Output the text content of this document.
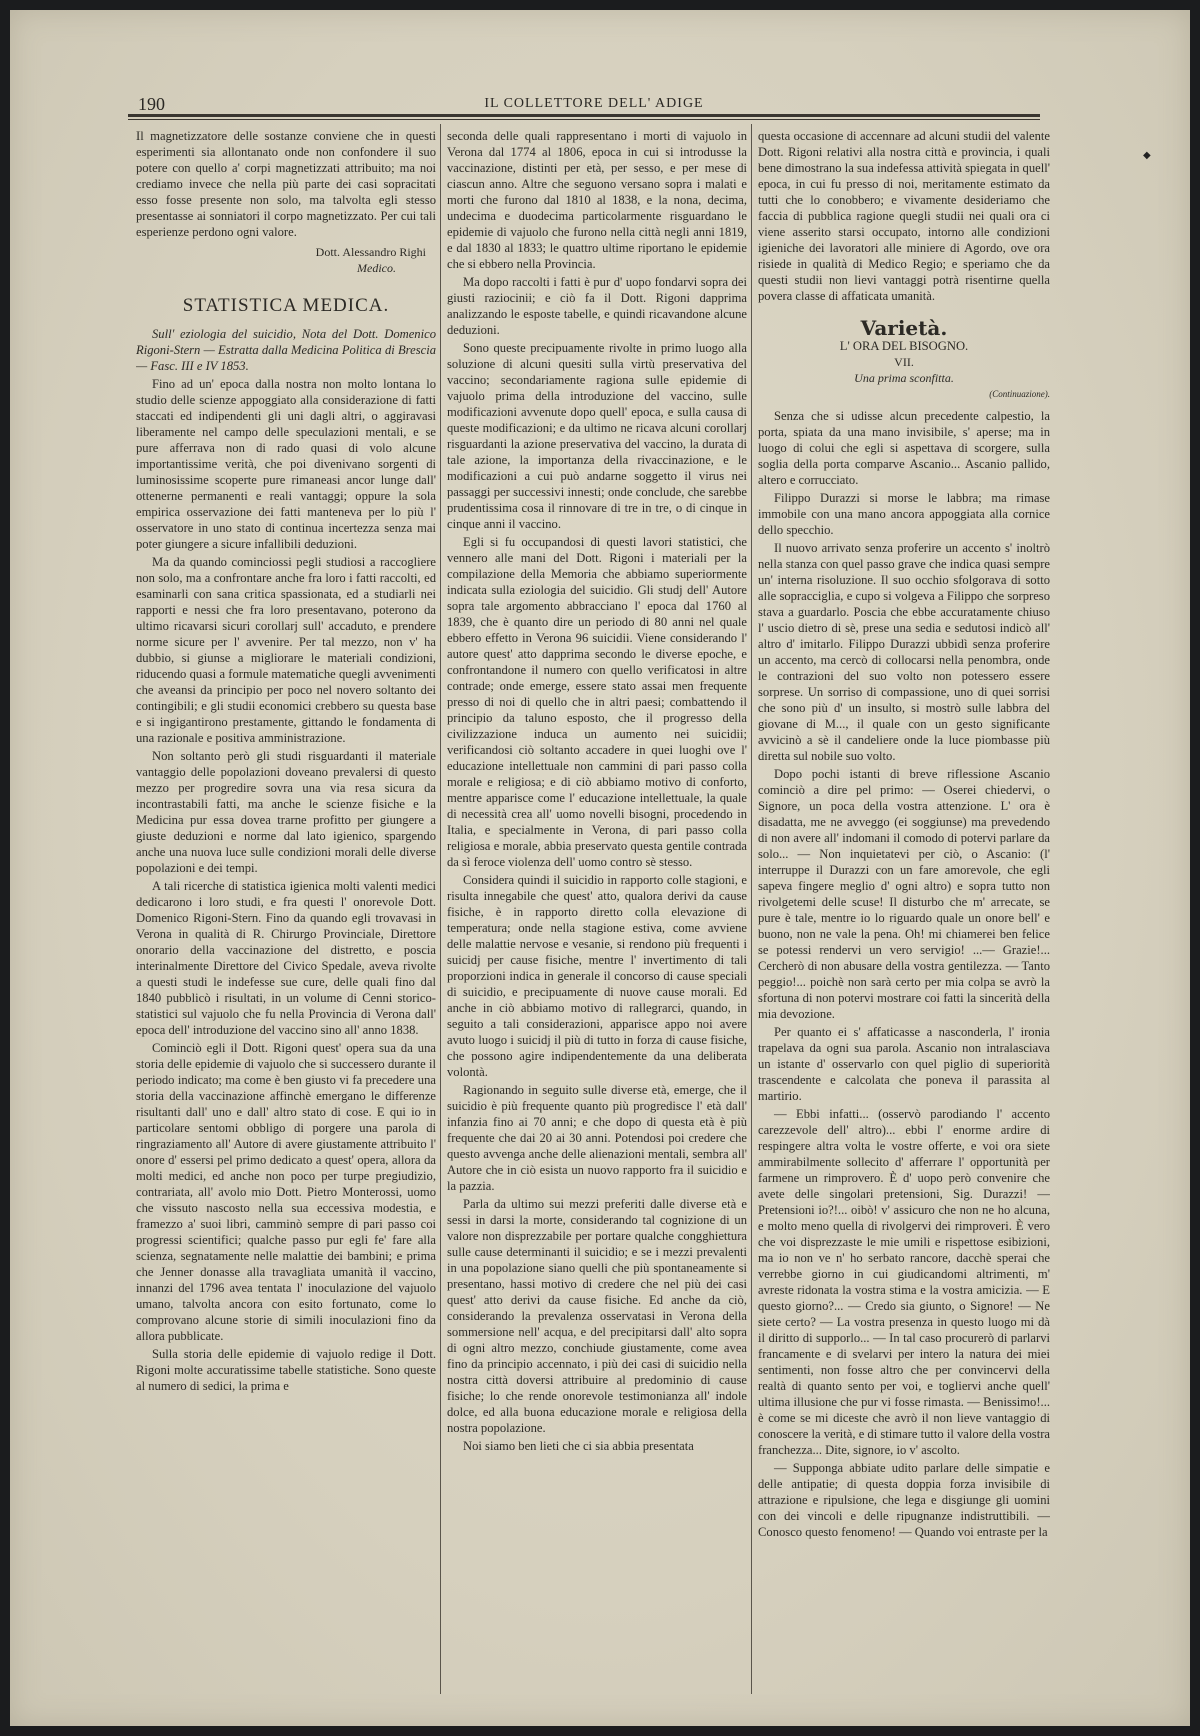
190	IL COLLETTORE DELL' ADIGE
◆

Il magnetizzatore delle sostanze conviene che in questi esperimenti sia allontanato onde non confondere il suo potere con quello a' corpi magnetizzati attribuito; ma noi crediamo invece che nella più parte dei casi sopracitati esso fosse presente non solo, ma talvolta egli stesso presentasse ai sonniatori il corpo magnetizzato. Per cui tali esperienze perdono ogni valore.

Dott. Alessandro Righi
Medico.
STATISTICA MEDICA.

Sull' eziologia del suicidio, Nota del Dott. Domenico Rigoni-Stern — Estratta dalla Medicina Politica di Brescia — Fasc. III e IV 1853.

Fino ad un' epoca dalla nostra non molto lontana lo studio delle scienze appoggiato alla considerazione di fatti staccati ed indipendenti gli uni dagli altri, o aggiravasi liberamente nel campo delle speculazioni mentali, e se pure afferrava non di rado quasi di volo alcune importantissime verità, che poi divenivano sorgenti di luminosissime scoperte pure rimaneasi ancor lunge dall' ottenerne permanenti e reali vantaggi; oppure la sola empirica osservazione dei fatti manteneva per lo più l' osservatore in uno stato di continua incertezza senza mai poter giungere a sicure infallibili deduzioni.

Ma da quando cominciossi pegli studiosi a raccogliere non solo, ma a confrontare anche fra loro i fatti raccolti, ed esaminarli con sana critica spassionata, ed a studiarli nei rapporti e nessi che fra loro presentavano, poterono da ultimo ricavarsi sicuri corollarj sull' accaduto, e prendere norme sicure per l' avvenire. Per tal mezzo, non v' ha dubbio, si giunse a migliorare le materiali condizioni, riducendo quasi a formule matematiche quegli avvenimenti che aveansi da principio per poco nel novero soltanto dei contingibili; e gli studii economici crebbero su questa base e si ingigantirono prestamente, gittando le fondamenta di una razionale e positiva amministrazione.

Non soltanto però gli studi risguardanti il materiale vantaggio delle popolazioni doveano prevalersi di questo mezzo per progredire sovra una via resa sicura da incontrastabili fatti, ma anche le scienze fisiche e la Medicina pur essa dovea trarne profitto per giungere a giuste deduzioni e norme dal lato igienico, spargendo anche una nuova luce sulle condizioni morali delle diverse popolazioni e dei tempi.

A tali ricerche di statistica igienica molti valenti medici dedicarono i loro studi, e fra questi l' onorevole Dott. Domenico Rigoni-Stern. Fino da quando egli trovavasi in Verona in qualità di R. Chirurgo Provinciale, Direttore onorario della vaccinazione del distretto, e poscia interinalmente Direttore del Civico Spedale, aveva rivolte a questi studi le indefesse sue cure, delle quali fino dal 1840 pubblicò i risultati, in un volume di Cenni storico-statistici sul vajuolo che fu nella Provincia di Verona dall' epoca dell' introduzione del vaccino sino all' anno 1838.

Cominciò egli il Dott. Rigoni quest' opera sua da una storia delle epidemie di vajuolo che si successero durante il periodo indicato; ma come è ben giusto vi fa precedere una storia della vaccinazione affinchè emergano le differenze risultanti dall' uno e dall' altro stato di cose. E qui io in particolare sentomi obbligo di porgere una parola di ringraziamento all' Autore di avere giustamente attribuito l' onore d' essersi pel primo dedicato a quest' opera, allora da molti medici, ed anche non poco per turpe pregiudizio, contrariata, all' avolo mio Dott. Pietro Monterossi, uomo che vissuto nascosto nella sua eccessiva modestia, e framezzo a' suoi libri, camminò sempre di pari passo coi progressi scientifici; qualche passo pur egli fe' fare alla scienza, segnatamente nelle malattie dei bambini; e prima che Jenner donasse alla travagliata umanità il vaccino, innanzi del 1796 avea tentata l' inoculazione del vajuolo umano, talvolta ancora con esito fortunato, come lo comprovano alcune storie di simili inoculazioni fino da allora pubblicate.

Sulla storia delle epidemie di vajuolo redige il Dott. Rigoni molte accuratissime tabelle statistiche. Sono queste al numero di sedici, la prima e

seconda delle quali rappresentano i morti di vajuolo in Verona dal 1774 al 1806, epoca in cui si introdusse la vaccinazione, distinti per età, per sesso, e per mese di ciascun anno. Altre che seguono versano sopra i malati e morti che furono dal 1810 al 1838, e la nona, decima, undecima e duodecima particolarmente risguardano le epidemie di vajuolo che furono nella città negli anni 1819, e dal 1830 al 1833; le quattro ultime riportano le epidemie che si ebbero nella Provincia.

Ma dopo raccolti i fatti è pur d' uopo fondarvi sopra dei giusti raziocinii; e ciò fa il Dott. Rigoni dapprima analizzando le esposte tabelle, e quindi ricavandone alcune deduzioni.

Sono queste precipuamente rivolte in primo luogo alla soluzione di alcuni quesiti sulla virtù preservativa del vaccino; secondariamente ragiona sulle epidemie di vajuolo prima della introduzione del vaccino, sulle modificazioni avvenute dopo quell' epoca, e sulla causa di queste modificazioni; e da ultimo ne ricava alcuni corollarj risguardanti la azione preservativa del vaccino, la durata di tale azione, la importanza della rivaccinazione, e le modificazioni a cui può andarne soggetto il virus nei passaggi per successivi innesti; onde conclude, che sarebbe prudentissima cosa il rinnovare di tre in tre, o di cinque in cinque anni il vaccino.

Egli si fu occupandosi di questi lavori statistici, che vennero alle mani del Dott. Rigoni i materiali per la compilazione della Memoria che abbiamo superiormente indicata sulla eziologia del suicidio. Gli studj dell' Autore sopra tale argomento abbracciano l' epoca dal 1760 al 1839, che è quanto dire un periodo di 80 anni nel quale ebbero effetto in Verona 96 suicidii. Viene considerando l' autore quest' atto dapprima secondo le diverse epoche, e confrontandone il numero con quello verificatosi in altre contrade; onde emerge, essere stato assai men frequente presso di noi di quello che in altri paesi; combattendo il principio da taluno esposto, che il progresso della civilizzazione induca un aumento nei suicidii; verificandosi ciò soltanto accadere in quei luoghi ove l' educazione intellettuale non cammini di pari passo colla morale e religiosa; e di ciò abbiamo motivo di conforto, mentre apparisce come l' educazione intellettuale, la quale di necessità crea all' uomo novelli bisogni, procedendo in Italia, e specialmente in Verona, di pari passo colla religiosa e morale, abbia preservato questa gentile contrada da sì feroce violenza dell' uomo contro sè stesso.

Considera quindi il suicidio in rapporto colle stagioni, e risulta innegabile che quest' atto, qualora derivi da cause fisiche, è in rapporto diretto colla elevazione di temperatura; onde nella stagione estiva, come avviene delle malattie nervose e vesanie, si rendono più frequenti i suicidj per cause fisiche, mentre l' invertimento di tali proporzioni indica in generale il concorso di cause speciali di suicidio, e precipuamente di nuove cause morali. Ed anche in ciò abbiamo motivo di rallegrarci, quando, in seguito a tali considerazioni, apparisce appo noi avere avuto luogo i suicidj il più di tutto in forza di cause fisiche, che possono agire indipendentemente da una deliberata volontà.

Ragionando in seguito sulle diverse età, emerge, che il suicidio è più frequente quanto più progredisce l' età dall' infanzia fino ai 70 anni; e che dopo di questa età è più frequente che dai 20 ai 30 anni. Potendosi poi credere che questo avvenga anche delle alienazioni mentali, sembra all' Autore che in ciò esista un nuovo rapporto fra il suicidio e la pazzia.

Parla da ultimo sui mezzi preferiti dalle diverse età e sessi in darsi la morte, considerando tal cognizione di un valore non disprezzabile per portare qualche congghiettura sulle cause determinanti il suicidio; e se i mezzi prevalenti in una popolazione siano quelli che più spontaneamente si presentano, hassi motivo di credere che nel più dei casi quest' atto derivi da cause fisiche. Ed anche da ciò, considerando la prevalenza osservatasi in Verona della sommersione nell' acqua, e del precipitarsi dall' alto sopra di ogni altro mezzo, conchiude giustamente, come avea fino da principio accennato, i più dei casi di suicidio nella nostra città doversi attribuire al predominio di cause fisiche; lo che rende onorevole testimonianza all' indole dolce, ed alla buona educazione morale e religiosa della nostra popolazione.

Noi siamo ben lieti che ci sia abbia presentata

questa occasione di accennare ad alcuni studii del valente Dott. Rigoni relativi alla nostra città e provincia, i quali bene dimostrano la sua indefessa attività spiegata in quell' epoca, in cui fu presso di noi, meritamente estimato da tutti che lo conobbero; e vivamente desideriamo che faccia di pubblica ragione quegli studii nei quali ora ci viene asserito starsi occupato, intorno alle condizioni igieniche dei lavoratori alle miniere di Agordo, ove ora risiede in qualità di Medico Regio; e speriamo che da questi studii non lievi vantaggi potrà risentirne quella povera classe di affaticata umanità.

Varietà.
L' ORA DEL BISOGNO.
VII.
Una prima sconfitta.
(Continuazione).

Senza che si udisse alcun precedente calpestio, la porta, spiata da una mano invisibile, s' aperse; ma in luogo di colui che egli si aspettava di scorgere, sulla soglia della porta comparve Ascanio... Ascanio pallido, altero e corrucciato.

Filippo Durazzi si morse le labbra; ma rimase immobile con una mano ancora appoggiata alla cornice dello specchio.

Il nuovo arrivato senza proferire un accento s' inoltrò nella stanza con quel passo grave che indica quasi sempre un' interna risoluzione. Il suo occhio sfolgorava di sotto alle sopracciglia, e cupo si volgeva a Filippo che sorpreso stava a guardarlo. Poscia che ebbe accuratamente chiuso l' uscio dietro di sè, prese una sedia e sedutosi indicò all' altro d' imitarlo. Filippo Durazzi ubbidì senza proferire un accento, ma cercò di collocarsi nella penombra, onde le contrazioni del suo volto non potessero essere sorprese. Un sorriso di compassione, uno di quei sorrisi che sono più d' un insulto, si mostrò sulle labbra del giovane di M..., il quale con un gesto significante avvicinò a sè il candeliere onde la luce piombasse più diretta sul nobile suo volto.

Dopo pochi istanti di breve riflessione Ascanio cominciò a dire pel primo: — Oserei chiedervi, o Signore, un poca della vostra attenzione. L' ora è disadatta, me ne avveggo (ei soggiunse) ma prevedendo di non avere all' indomani il comodo di potervi parlare da solo... — Non inquietatevi per ciò, o Ascanio: (l' interruppe il Durazzi con un fare amorevole, che egli sapeva fingere meglio d' ogni altro) e sopra tutto non rivolgetemi delle scuse! Il disturbo che m' arrecate, se pure è tale, mentre io lo riguardo quale un onore bell' e buono, non ne vale la pena. Oh! mi chiamerei ben felice se potessi rendervi un vero servigio! ...— Grazie!... Cercherò di non abusare della vostra gentilezza. — Tanto peggio!... poichè non sarà certo per mia colpa se avrò la sfortuna di non potervi mostrare coi fatti la sincerità della mia devozione.

Per quanto ei s' affaticasse a nasconderla, l' ironia trapelava da ogni sua parola. Ascanio non intralasciava un istante d' osservarlo con quel piglio di superiorità trascendente e calcolata che poneva il parassita al martirio.

— Ebbi infatti... (osservò parodiando l' accento carezzevole dell' altro)... ebbi l' enorme ardire di respingere altra volta le vostre offerte, e voi ora siete ammirabilmente sollecito d' afferrare l' opportunità per farmene un rimprovero. È d' uopo però convenire che avete delle singolari pretensioni, Sig. Durazzi! — Pretensioni io?!... oibò! v' assicuro che non ne ho alcuna, e molto meno quella di rivolgervi dei rimproveri. È vero che voi disprezzaste le mie umili e rispettose esibizioni, ma io non ve n' ho serbato rancore, dacchè sperai che verrebbe giorno in cui giudicandomi altrimenti, m' avreste ridonata la vostra stima e la vostra amicizia. — E questo giorno?... — Credo sia giunto, o Signore! — Ne siete certo? — La vostra presenza in questo luogo mi dà il diritto di supporlo... — In tal caso procurerò di parlarvi francamente e di svelarvi per intero la natura dei miei sentimenti, non fosse altro che per convincervi della realtà di quanto sento per voi, e togliervi anche quell' ultima illusione che pur vi fosse rimasta. — Benissimo!... è come se mi diceste che avrò il non lieve vantaggio di conoscere la verità, e di stimare tutto il valore della vostra franchezza... Dite, signore, io v' ascolto.

— Supponga abbiate udito parlare delle simpatie e delle antipatie; di questa doppia forza invisibile di attrazione e ripulsione, che lega e disgiunge gli uomini con dei vincoli e delle ripugnanze indistruttibili. — Conosco questo fenomeno! — Quando voi entraste per la
